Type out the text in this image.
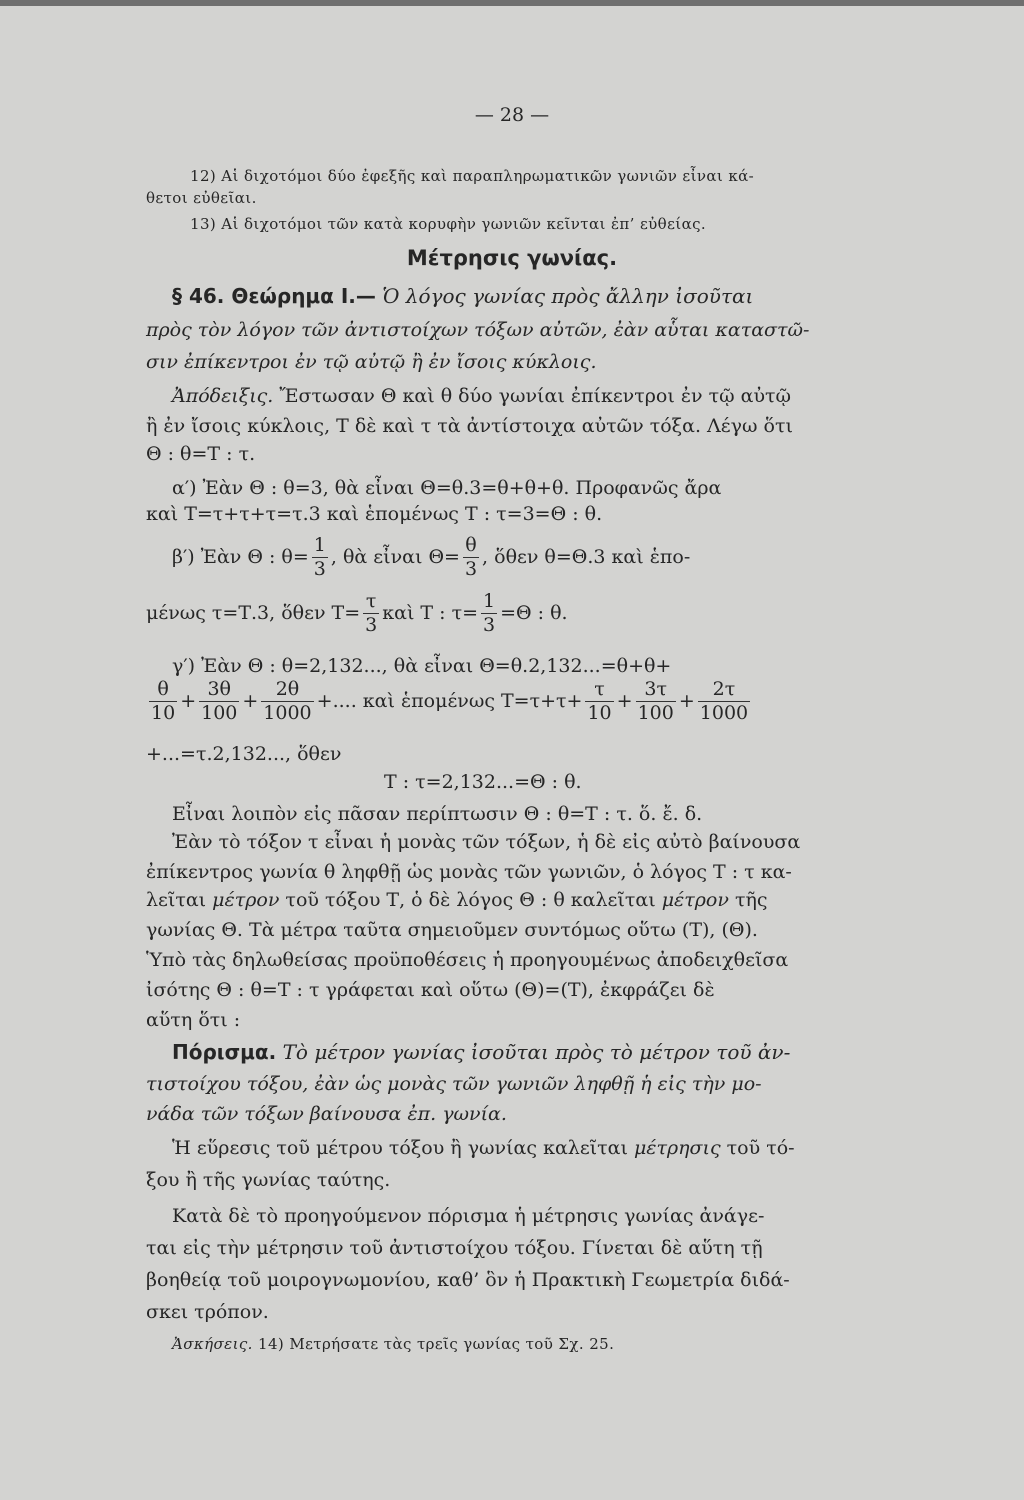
— 28 —
12) Αἱ διχοτόμοι δύο ἐφεξῆς καὶ παραπληρωματικῶν γωνιῶν εἶναι κά-
θετοι εὐθεῖαι.
13) Αἱ διχοτόμοι τῶν κατὰ κορυφὴν γωνιῶν κεῖνται ἐπ’ εὐθείας.
Μέτρησις γωνίας.
§ 46. Θεώρημα I.— Ὁ λόγος γωνίας πρὸς ἄλλην ἰσοῦται
πρὸς τὸν λόγον τῶν ἀντιστοίχων τόξων αὐτῶν, ἐὰν αὗται καταστῶ-
σιν ἐπίκεντροι ἐν τῷ αὐτῷ ἢ ἐν ἴσοις κύκλοις.
Ἀπόδειξις. Ἔστωσαν Θ καὶ θ δύο γωνίαι ἐπίκεντροι ἐν τῷ αὐτῷ
ἢ ἐν ἴσοις κύκλοις, Τ δὲ καὶ τ τὰ ἀντίστοιχα αὐτῶν τόξα. Λέγω ὅτι
Θ : θ=Τ : τ.
α′) Ἐὰν Θ : θ=3, θὰ εἶναι Θ=θ.3=θ+θ+θ. Προφανῶς ἄρα
καὶ Τ=τ+τ+τ=τ.3 καὶ ἑπομένως Τ : τ=3=Θ : θ.
β′) Ἐὰν Θ : $\theta= \frac{1}{3}$ , θὰ εἶναι $\Theta= \frac{\theta}{3}$ , ὅθεν θ=Θ.3 καὶ ἑπο-
μένως τ=Τ.3, ὅθεν $T= \frac{\tau}{3}$ καὶ Τ : $\tau= \frac{1}{3} =\Theta$ : θ.
γ′) Ἐὰν Θ : θ=2,132..., θὰ εἶναι Θ=θ.2,132...=θ+θ+
$\frac{\theta}{10} + \frac{3\theta}{100} + \frac{2\theta}{1000}$ +.... καὶ ἑπομένως $T=\tau+\tau+ \frac{\tau}{10} + \frac{3\tau}{100} + \frac{2\tau}{1000}$
+...=τ.2,132..., ὅθεν
Τ : τ=2,132...=Θ : θ.
Εἶναι λοιπὸν εἰς πᾶσαν περίπτωσιν Θ : θ=Τ : τ. ὅ. ἔ. δ.
Ἐὰν τὸ τόξον τ εἶναι ἡ μονὰς τῶν τόξων, ἡ δὲ εἰς αὐτὸ βαίνουσα
ἐπίκεντρος γωνία θ ληφθῇ ὡς μονὰς τῶν γωνιῶν, ὁ λόγος Τ : τ κα-
λεῖται μέτρον τοῦ τόξου Τ, ὁ δὲ λόγος Θ : θ καλεῖται μέτρον τῆς
γωνίας Θ. Τὰ μέτρα ταῦτα σημειοῦμεν συντόμως οὕτω (Τ), (Θ).
Ὑπὸ τὰς δηλωθείσας προϋποθέσεις ἡ προηγουμένως ἀποδειχθεῖσα
ἰσότης Θ : θ=Τ : τ γράφεται καὶ οὕτω (Θ)=(Τ), ἐκφράζει δὲ
αὕτη ὅτι :
Πόρισμα. Τὸ μέτρον γωνίας ἰσοῦται πρὸς τὸ μέτρον τοῦ ἀν-
τιστοίχου τόξου, ἐὰν ὡς μονὰς τῶν γωνιῶν ληφθῇ ἡ εἰς τὴν μο-
νάδα τῶν τόξων βαίνουσα ἐπ. γωνία.
Ἡ εὕρεσις τοῦ μέτρου τόξου ἢ γωνίας καλεῖται μέτρησις τοῦ τό-
ξου ἢ τῆς γωνίας ταύτης.
Κατὰ δὲ τὸ προηγούμενον πόρισμα ἡ μέτρησις γωνίας ἀνάγε-
ται εἰς τὴν μέτρησιν τοῦ ἀντιστοίχου τόξου. Γίνεται δὲ αὕτη τῇ
βοηθείᾳ τοῦ μοιρογνωμονίου, καθ’ ὃν ἡ Πρακτικὴ Γεωμετρία διδά-
σκει τρόπον.
Ἀσκήσεις. 14) Μετρήσατε τὰς τρεῖς γωνίας τοῦ Σχ. 25.
